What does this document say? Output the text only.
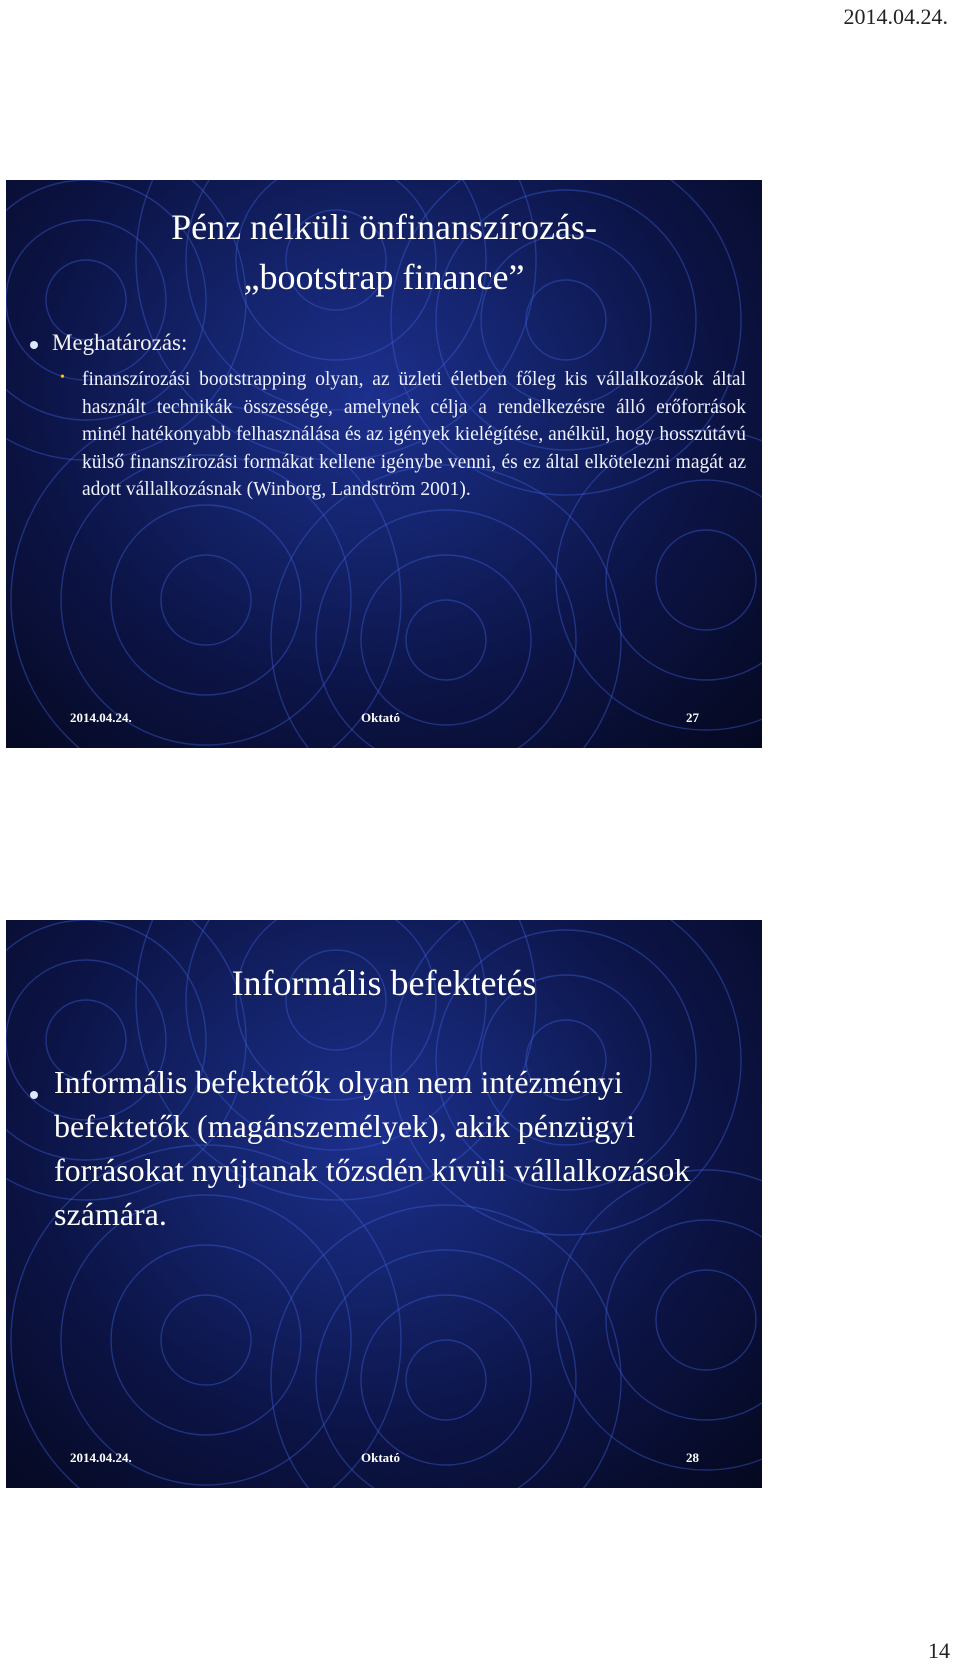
2014.04.24.
Pénz nélküli önfinanszírozás-
„bootstrap finance”
Meghatározás:
• finanszírozási bootstrapping olyan, az üzleti életben főleg kis vállalkozások által használt technikák összessége, amelynek célja a rendelkezésre álló erőforrások minél hatékonyabb felhasználása és az igények kielégítése, anélkül, hogy hosszútávú külső finanszírozási formákat kellene igénybe venni, és ez által elkötelezni magát az adott vállalkozásnak (Winborg, Landström 2001).
2014.04.24.	Oktató	27
Informális befektetés
Informális befektetők olyan nem intézményi befektetők (magánszemélyek), akik pénzügyi forrásokat nyújtanak tőzsdén kívüli vállalkozások számára.
2014.04.24.	Oktató	28
14
